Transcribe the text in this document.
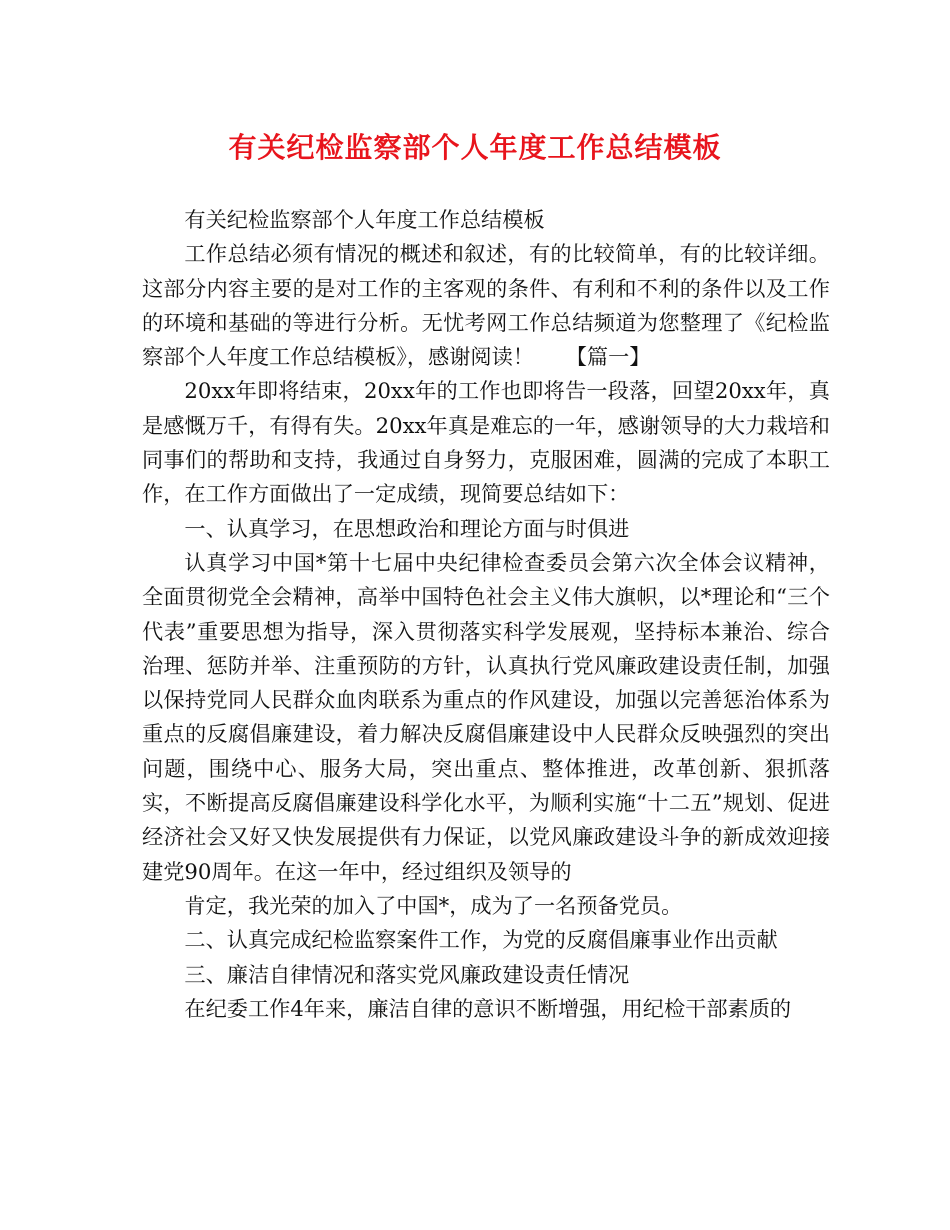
有关纪检监察部个人年度工作总结模板

有关纪检监察部个人年度工作总结模板

工作总结必须有情况的概述和叙述，有的比较简单，有的比较详细。这部分内容主要的是对工作的主客观的条件、有利和不利的条件以及工作的环境和基础的等进行分析。无忧考网工作总结频道为您整理了《纪检监察部个人年度工作总结模板》，感谢阅读！　　【篇一】

20xx年即将结束，20xx年的工作也即将告一段落，回望20xx年，真是感慨万千，有得有失。20xx年真是难忘的一年，感谢领导的大力栽培和同事们的帮助和支持，我通过自身努力，克服困难，圆满的完成了本职工作，在工作方面做出了一定成绩，现简要总结如下：

一、认真学习，在思想政治和理论方面与时俱进

认真学习中国*第十七届中央纪律检查委员会第六次全体会议精神，全面贯彻党全会精神，高举中国特色社会主义伟大旗帜，以*理论和“三个代表”重要思想为指导，深入贯彻落实科学发展观，坚持标本兼治、综合治理、惩防并举、注重预防的方针，认真执行党风廉政建设责任制，加强以保持党同人民群众血肉联系为重点的作风建设，加强以完善惩治体系为重点的反腐倡廉建设，着力解决反腐倡廉建设中人民群众反映强烈的突出问题，围绕中心、服务大局，突出重点、整体推进，改革创新、狠抓落实，不断提高反腐倡廉建设科学化水平，为顺利实施“十二五”规划、促进经济社会又好又快发展提供有力保证，以党风廉政建设斗争的新成效迎接建党90周年。在这一年中，经过组织及领导的

肯定，我光荣的加入了中国*，成为了一名预备党员。

二、认真完成纪检监察案件工作，为党的反腐倡廉事业作出贡献

三、廉洁自律情况和落实党风廉政建设责任情况

在纪委工作4年来，廉洁自律的意识不断增强，用纪检干部素质的
